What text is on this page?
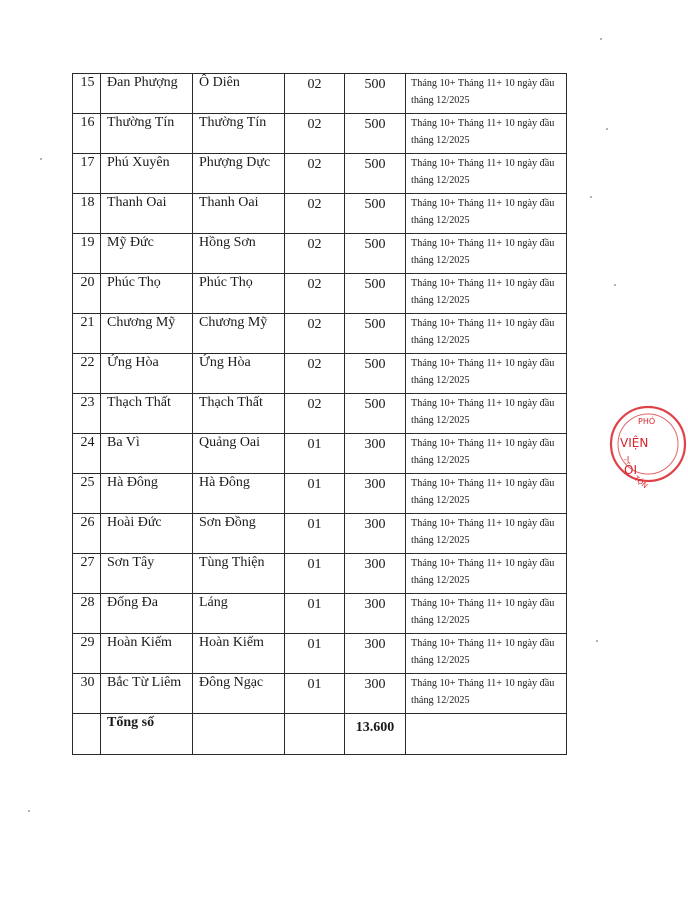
15	Đan Phượng	Ô Diên	02	500	Tháng 10+ Tháng 11+ 10 ngày đầu tháng 12/2025
16	Thường Tín	Thường Tín	02	500	Tháng 10+ Tháng 11+ 10 ngày đầu tháng 12/2025
17	Phú Xuyên	Phượng Dực	02	500	Tháng 10+ Tháng 11+ 10 ngày đầu tháng 12/2025
18	Thanh Oai	Thanh Oai	02	500	Tháng 10+ Tháng 11+ 10 ngày đầu tháng 12/2025
19	Mỹ Đức	Hồng Sơn	02	500	Tháng 10+ Tháng 11+ 10 ngày đầu tháng 12/2025
20	Phúc Thọ	Phúc Thọ	02	500	Tháng 10+ Tháng 11+ 10 ngày đầu tháng 12/2025
21	Chương Mỹ	Chương Mỹ	02	500	Tháng 10+ Tháng 11+ 10 ngày đầu tháng 12/2025
22	Ứng Hòa	Ứng Hòa	02	500	Tháng 10+ Tháng 11+ 10 ngày đầu tháng 12/2025
23	Thạch Thất	Thạch Thất	02	500	Tháng 10+ Tháng 11+ 10 ngày đầu tháng 12/2025
24	Ba Vì	Quảng Oai	01	300	Tháng 10+ Tháng 11+ 10 ngày đầu tháng 12/2025
25	Hà Đông	Hà Đông	01	300	Tháng 10+ Tháng 11+ 10 ngày đầu tháng 12/2025
26	Hoài Đức	Sơn Đồng	01	300	Tháng 10+ Tháng 11+ 10 ngày đầu tháng 12/2025
27	Sơn Tây	Tùng Thiện	01	300	Tháng 10+ Tháng 11+ 10 ngày đầu tháng 12/2025
28	Đống Đa	Láng	01	300	Tháng 10+ Tháng 11+ 10 ngày đầu tháng 12/2025
29	Hoàn Kiếm	Hoàn Kiếm	01	300	Tháng 10+ Tháng 11+ 10 ngày đầu tháng 12/2025
30	Bắc Từ Liêm	Đông Ngạc	01	300	Tháng 10+ Tháng 11+ 10 ngày đầu tháng 12/2025
	Tổng số			13.600	
PHÓ
VIỆN
-I
ỘI
TỘN
